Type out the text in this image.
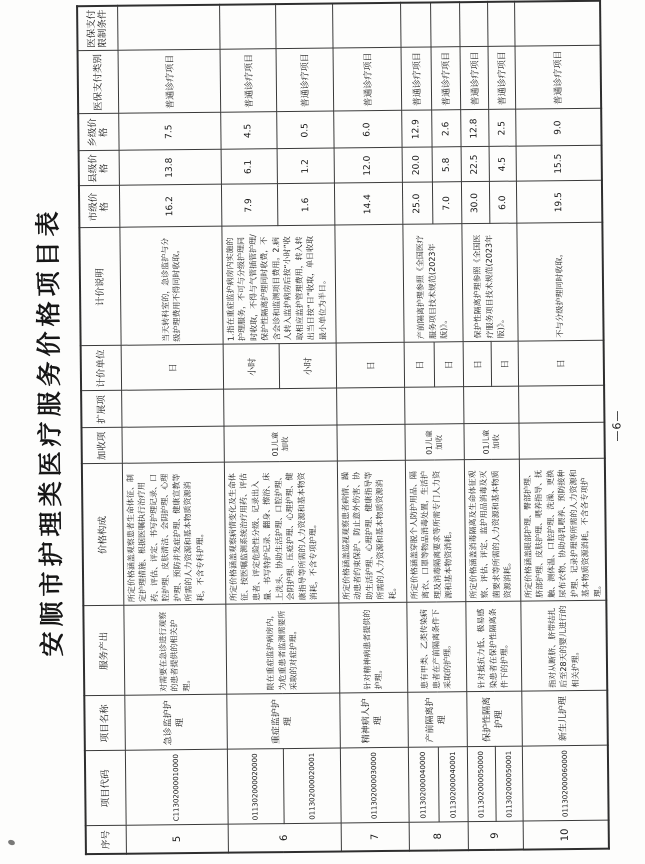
安顺市护理类医疗服务价格项目表
序号	项目代码	项目名称	服务产出	价格构成	加收项	扩展项	计价单位	计价说明	市级价格	县级价格	乡级价格	医保支付类别	医保支付限制条件
5	C11302000010000	急诊监护护理	对需要在急诊进行观察的患者提供的相关护理。	所定价格涵盖观察患者生命体征、制定护理措施、根据医嘱执行治疗用药、评估、评定、书写护理记录、口腔护理、皮肤清洁、会阴护理、心理护理、预防并发症护理、健康宣教等所需的人力资源和基本物质资源消耗，不含专科护理。			日	当天转科室的，急诊监护与分级护理费用不得同时收取。	16.2	13.8	7.5	普通诊疗项目	
6	011302000020000	重症监护护理	限在重症监护病房内，为危重患者监测需要所采取的对症护理。	所定价格涵盖观察病情变化及生命体征、按医嘱监测系统治疗用药、评估患者、评定危险性分级、记录出入量、书写特护记录、翻身、擦浴、床上洗头、协助生活护理、口腔护理、会阴护理、压疮护理、心理护理、健康指导等所需的人力资源和基本物资消耗，不含专项护理。	01儿童加收		小时	1.指在重症监护病房内实施的护理服务，不可与分级护理同时收取，不得与气管插管护理/保护性隔离护理同时收费，不含会诊和监测项目费用。2.病人转入监护病房后按“小时”收取相应监护管理费用，转入转出当日按“日”收取，单日收取最小单位为半日。	7.9	6.1	4.5	普通诊疗项目	
	011302000020001						小时		1.6	1.2	0.5	普通诊疗项目	
7	011302000030000	精神病人护理	针对精神病患者提供的护理。	所定价格涵盖巡视观察患者病情、躁动患者约束保护、防止意外伤害、协助生活护理、心理护理、健康指导等所需的人力资源和基本物质资源消耗。			日		14.4	12.0	6.0	普通诊疗项目	
8	011302000040000	产前隔离护理	患有甲类、乙类传染病患者在产前隔离条件下采取的护理。	所定价格涵盖穿脱个人防护用品、隔离衣、口罩等物品消毒处置，生活护理及消毒隔离要求等所需专门人力资源和基本物资消耗。	01儿童加收		日	产前隔离护理参照《全国医疗服务项目技术规范(2023年版)》。	25.0	20.0	12.9	普通诊疗项目	
	011302000040001						日		7.0	5.8	2.6	普通诊疗项目	
9	011302000050000	保护性隔离护理	针对抵抗力低、极易感染患者在保护性隔离条件下的护理。	所定价格涵盖消毒隔离及生命体征观察、评估、评定、监护用品消毒及灭菌要求等所需的人力资源和基本物质资源消耗。	01儿童加收		日	保护性隔离护理参照《全国医疗服务项目技术规范(2023年版)》。	30.0	22.5	12.8	普通诊疗项目	
	011302000050001						日		6.0	4.5	2.5	普通诊疗项目	
10	011302000060000	新生儿护理	指对从断脐、脐带结扎后至28天的婴儿进行的相关护理。	所定价格涵盖眼部护理、臀部护理、脐部护理、皮肤护理、喂养指导、抚触、测体温、口腔护理、洗澡、更换尿布衣物、协助母乳喂养、预防接种护理、记录护理等所需的人力资源和基本物质资源消耗，不含各专项护理。			日	不与分级护理同时收取。	19.5	15.5	9.0	普通诊疗项目	
—6—
